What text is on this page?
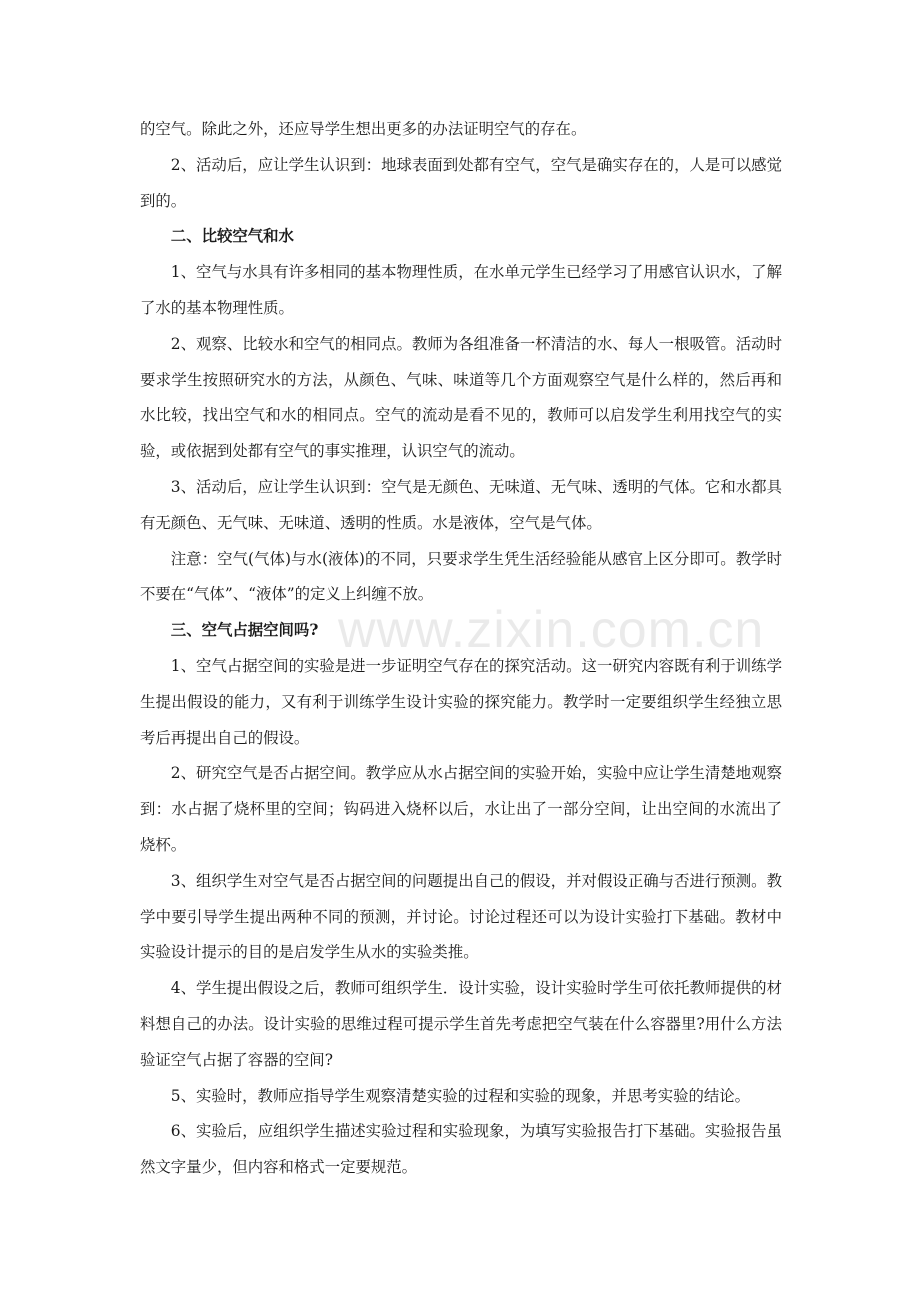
的空气。除此之外，还应导学生想出更多的办法证明空气的存在。

2、活动后，应让学生认识到：地球表面到处都有空气，空气是确实存在的，人是可以感觉到的。

二、比较空气和水

1、空气与水具有许多相同的基本物理性质，在水单元学生已经学习了用感官认识水，了解了水的基本物理性质。

2、观察、比较水和空气的相同点。教师为各组准备一杯清洁的水、每人一根吸管。活动时要求学生按照研究水的方法，从颜色、气味、味道等几个方面观察空气是什么样的，然后再和水比较，找出空气和水的相同点。空气的流动是看不见的，教师可以启发学生利用找空气的实验，或依据到处都有空气的事实推理，认识空气的流动。

3、活动后，应让学生认识到：空气是无颜色、无味道、无气味、透明的气体。它和水都具有无颜色、无气味、无味道、透明的性质。水是液体，空气是气体。

注意：空气(气体)与水(液体)的不同，只要求学生凭生活经验能从感官上区分即可。教学时不要在“气体”、“液体”的定义上纠缠不放。

三、空气占据空间吗?

1、空气占据空间的实验是进一步证明空气存在的探究活动。这一研究内容既有利于训练学生提出假设的能力，又有利于训练学生设计实验的探究能力。教学时一定要组织学生经独立思考后再提出自己的假设。

2、研究空气是否占据空间。教学应从水占据空间的实验开始，实验中应让学生清楚地观察到：水占据了烧杯里的空间；钩码进入烧杯以后，水让出了一部分空间，让出空间的水流出了烧杯。

3、组织学生对空气是否占据空间的问题提出自己的假设，并对假设正确与否进行预测。教学中要引导学生提出两种不同的预测，并讨论。讨论过程还可以为设计实验打下基础。教材中实验设计提示的目的是启发学生从水的实验类推。

4、学生提出假设之后，教师可组织学生．设计实验，设计实验时学生可依托教师提供的材料想自己的办法。设计实验的思维过程可提示学生首先考虑把空气装在什么容器里?用什么方法验证空气占据了容器的空间?

5、实验时，教师应指导学生观察清楚实验的过程和实验的现象，并思考实验的结论。

6、实验后，应组织学生描述实验过程和实验现象，为填写实验报告打下基础。实验报告虽然文字量少，但内容和格式一定要规范。

www.zixin.com.cn
